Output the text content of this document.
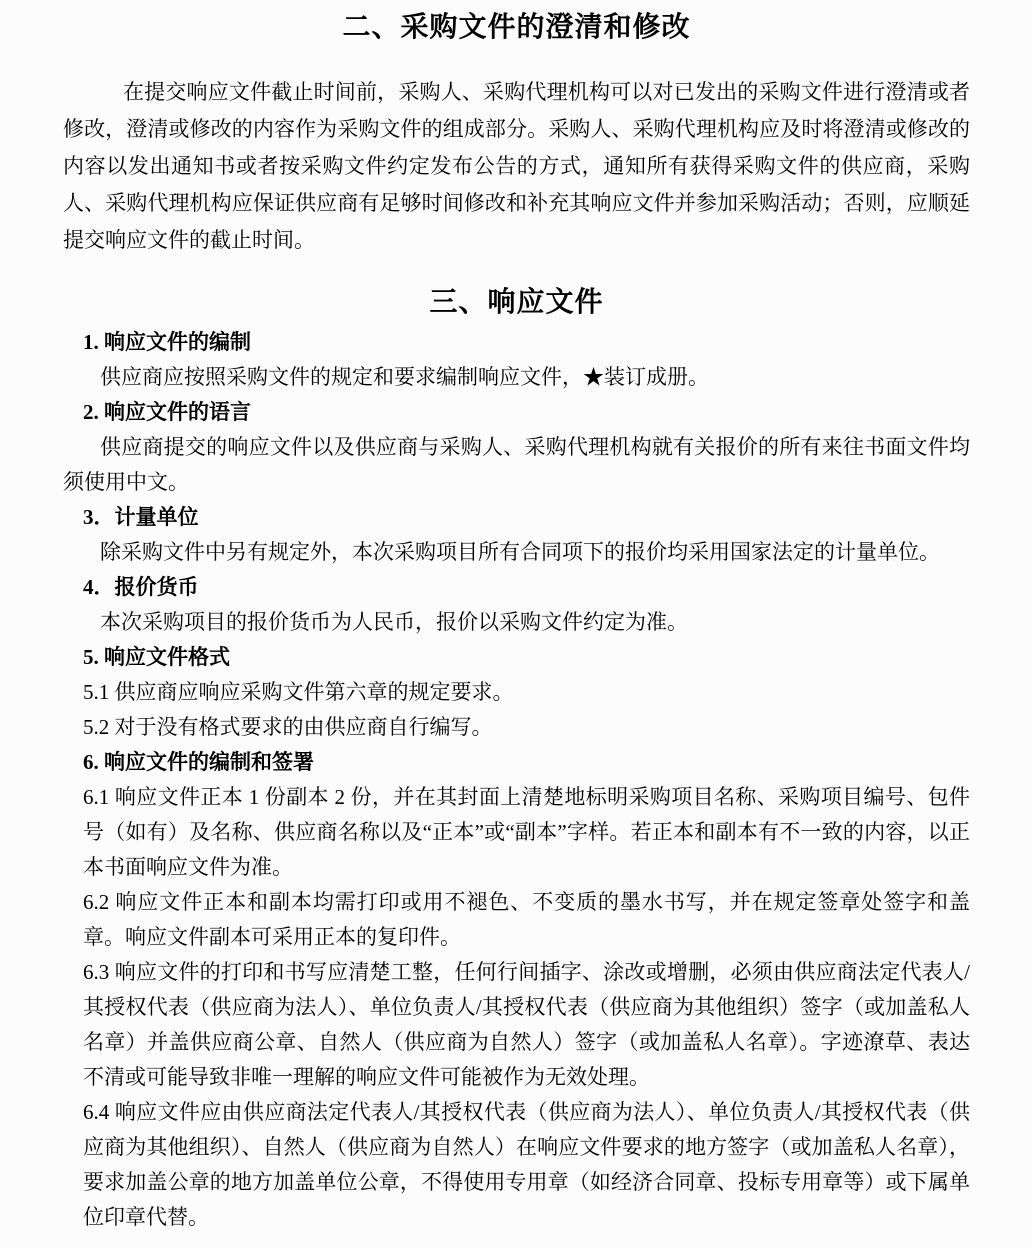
二、采购文件的澄清和修改

在提交响应文件截止时间前，采购人、采购代理机构可以对已发出的采购文件进行澄清或者修改，澄清或修改的内容作为采购文件的组成部分。采购人、采购代理机构应及时将澄清或修改的内容以发出通知书或者按采购文件约定发布公告的方式，通知所有获得采购文件的供应商，采购人、采购代理机构应保证供应商有足够时间修改和补充其响应文件并参加采购活动；否则，应顺延提交响应文件的截止时间。

三、响应文件

1. 响应文件的编制

供应商应按照采购文件的规定和要求编制响应文件，★装订成册。

2. 响应文件的语言

供应商提交的响应文件以及供应商与采购人、采购代理机构就有关报价的所有来往书面文件均须使用中文。

3．计量单位

除采购文件中另有规定外，本次采购项目所有合同项下的报价均采用国家法定的计量单位。

4．报价货币

本次采购项目的报价货币为人民币，报价以采购文件约定为准。

5. 响应文件格式

5.1 供应商应响应采购文件第六章的规定要求。

5.2 对于没有格式要求的由供应商自行编写。

6. 响应文件的编制和签署

6.1 响应文件正本 1 份副本 2 份，并在其封面上清楚地标明采购项目名称、采购项目编号、包件号（如有）及名称、供应商名称以及“正本”或“副本”字样。若正本和副本有不一致的内容，以正本书面响应文件为准。

6.2 响应文件正本和副本均需打印或用不褪色、不变质的墨水书写，并在规定签章处签字和盖章。响应文件副本可采用正本的复印件。

6.3 响应文件的打印和书写应清楚工整，任何行间插字、涂改或增删，必须由供应商法定代表人/其授权代表（供应商为法人）、单位负责人/其授权代表（供应商为其他组织）签字（或加盖私人名章）并盖供应商公章、自然人（供应商为自然人）签字（或加盖私人名章）。字迹潦草、表达不清或可能导致非唯一理解的响应文件可能被作为无效处理。

6.4 响应文件应由供应商法定代表人/其授权代表（供应商为法人）、单位负责人/其授权代表（供应商为其他组织）、自然人（供应商为自然人）在响应文件要求的地方签字（或加盖私人名章），要求加盖公章的地方加盖单位公章，不得使用专用章（如经济合同章、投标专用章等）或下属单位印章代替。
